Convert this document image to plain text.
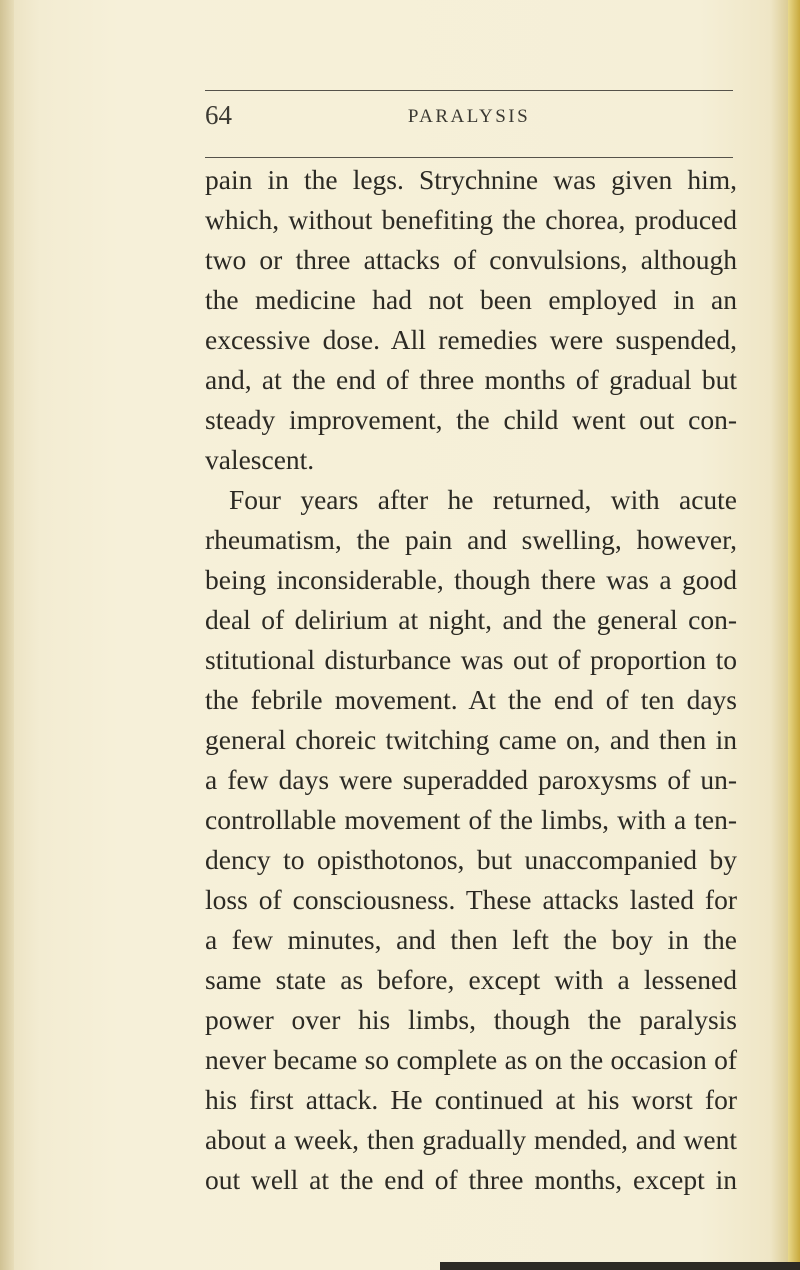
64	PARALYSIS
pain in the legs. Strychnine was given him,
which, without benefiting the chorea, produced
two or three attacks of convulsions, although
the medicine had not been employed in an
excessive dose. All remedies were suspended,
and, at the end of three months of gradual but
steady improvement, the child went out con-
valescent.
Four years after he returned, with acute
rheumatism, the pain and swelling, however,
being inconsiderable, though there was a good
deal of delirium at night, and the general con-
stitutional disturbance was out of proportion to
the febrile movement. At the end of ten days
general choreic twitching came on, and then in
a few days were superadded paroxysms of un-
controllable movement of the limbs, with a ten-
dency to opisthotonos, but unaccompanied by
loss of consciousness. These attacks lasted for
a few minutes, and then left the boy in the
same state as before, except with a lessened
power over his limbs, though the paralysis
never became so complete as on the occasion of
his first attack. He continued at his worst for
about a week, then gradually mended, and went
out well at the end of three months, except in
